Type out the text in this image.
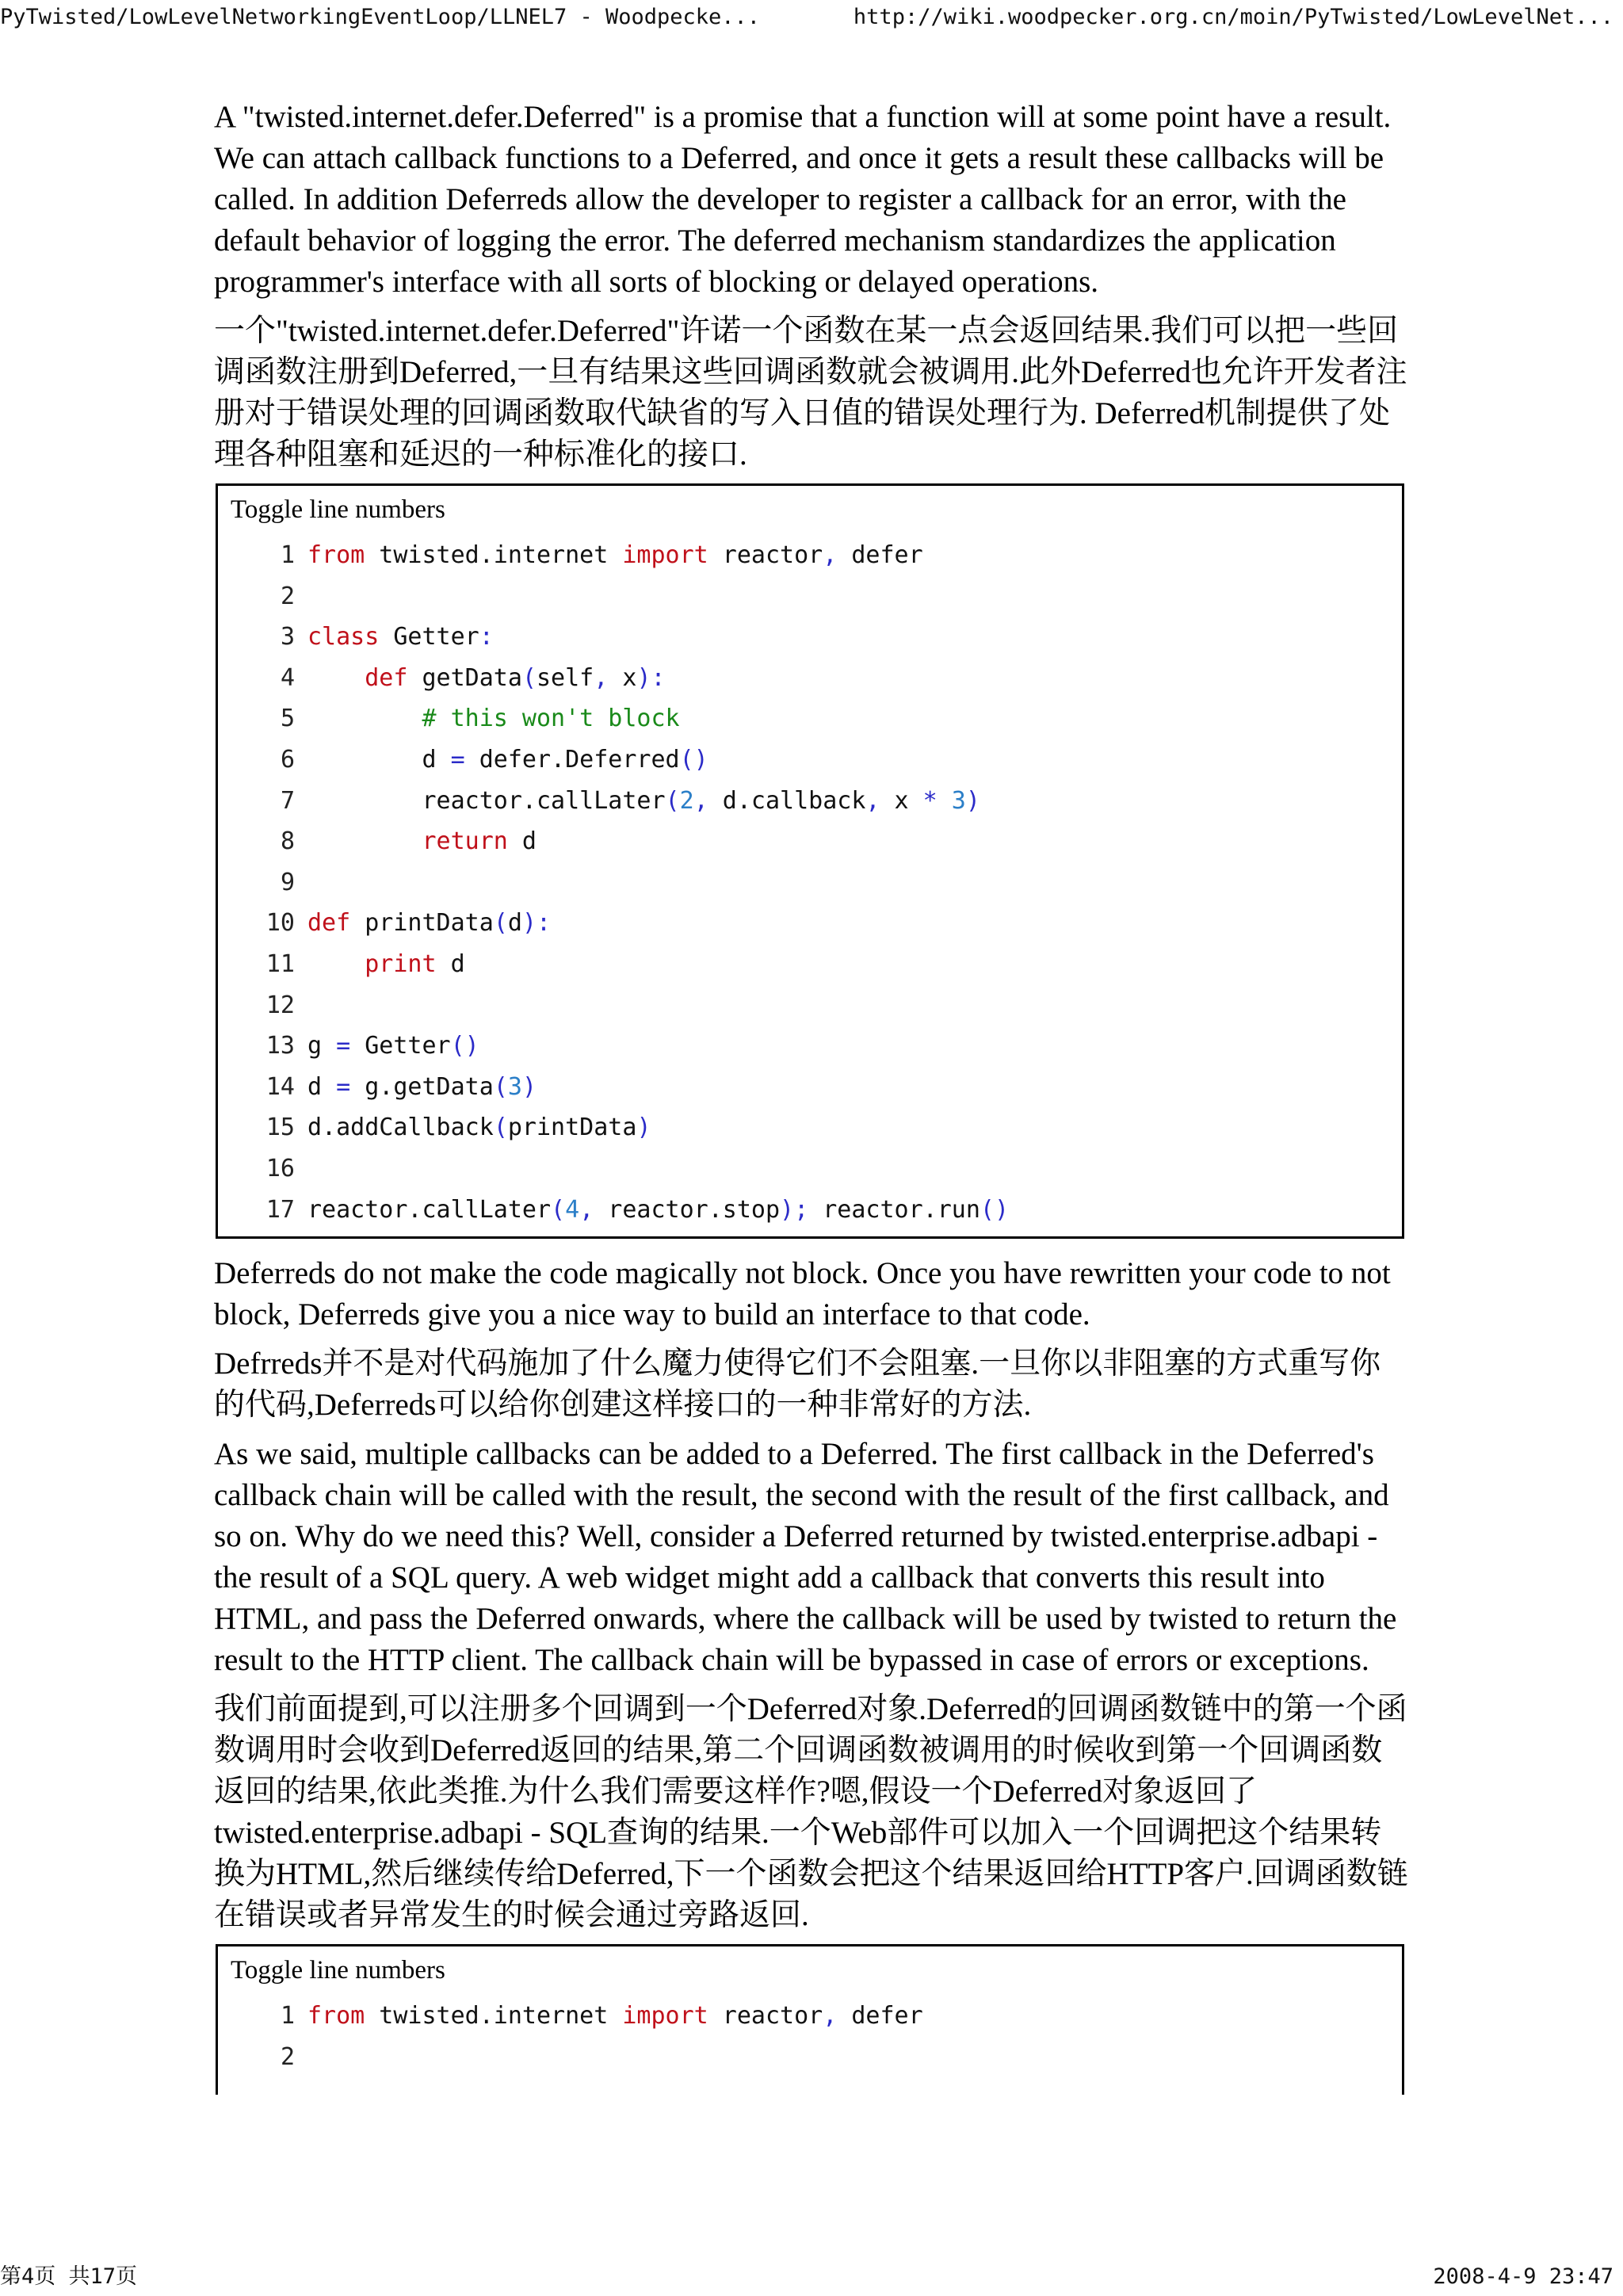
PyTwisted/LowLevelNetworkingEventLoop/LLNEL7 - Woodpecke...	http://wiki.woodpecker.org.cn/moin/PyTwisted/LowLevelNet...

A "twisted.internet.defer.Deferred" is a promise that a function will at some point have a result. We can attach callback functions to a Deferred, and once it gets a result these callbacks will be called. In addition Deferreds allow the developer to register a callback for an error, with the default behavior of logging the error. The deferred mechanism standardizes the application programmer's interface with all sorts of blocking or delayed operations.

一个"twisted.internet.defer.Deferred"许诺一个函数在某一点会返回结果.我们可以把一些回调函数注册到Deferred,一旦有结果这些回调函数就会被调用.此外Deferred也允许开发者注册对于错误处理的回调函数取代缺省的写入日值的错误处理行为. Deferred机制提供了处理各种阻塞和延迟的一种标准化的接口.

Toggle line numbers
1 from twisted.internet import reactor, defer
2
3 class Getter:
4	def getData(self, x):
5	# this won't block
6        d = defer.Deferred()
7        reactor.callLater(2, d.callback, x * 3)
8	return d
9
10 def printData(d):
11	print d
12
13 g = Getter()
14 d = g.getData(3)
15 d.addCallback(printData)
16
17 reactor.callLater(4, reactor.stop); reactor.run()

Deferreds do not make the code magically not block. Once you have rewritten your code to not block, Deferreds give you a nice way to build an interface to that code.

Defrreds并不是对代码施加了什么魔力使得它们不会阻塞.一旦你以非阻塞的方式重写你的代码,Deferreds可以给你创建这样接口的一种非常好的方法.

As we said, multiple callbacks can be added to a Deferred. The first callback in the Deferred's callback chain will be called with the result, the second with the result of the first callback, and so on. Why do we need this? Well, consider a Deferred returned by twisted.enterprise.adbapi - the result of a SQL query. A web widget might add a callback that converts this result into HTML, and pass the Deferred onwards, where the callback will be used by twisted to return the result to the HTTP client. The callback chain will be bypassed in case of errors or exceptions.

我们前面提到,可以注册多个回调到一个Deferred对象.Deferred的回调函数链中的第一个函数调用时会收到Deferred返回的结果,第二个回调函数被调用的时候收到第一个回调函数返回的结果,依此类推.为什么我们需要这样作?嗯,假设一个Deferred对象返回了twisted.enterprise.adbapi - SQL查询的结果.一个Web部件可以加入一个回调把这个结果转换为HTML,然后继续传给Deferred,下一个函数会把这个结果返回给HTTP客户.回调函数链在错误或者异常发生的时候会通过旁路返回.

Toggle line numbers
1 from twisted.internet import reactor, defer
2
第4页 共17页	2008-4-9 23:47
